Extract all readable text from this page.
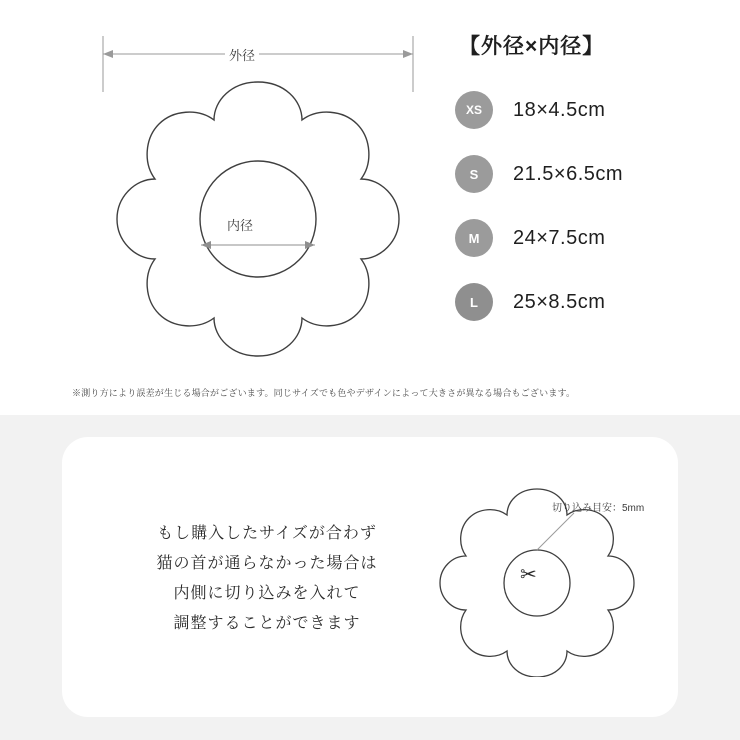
外径
内径
【外径×内径】
XS	18×4.5cm
S	21.5×6.5cm
M	24×7.5cm
L	25×8.5cm
※測り方により誤差が生じる場合がございます。同じサイズでも色やデザインによって大きさが異なる場合もございます。
もし購入したサイズが合わず
猫の首が通らなかった場合は
内側に切り込みを入れて
調整することができます
切り込み目安：5mm
✂
